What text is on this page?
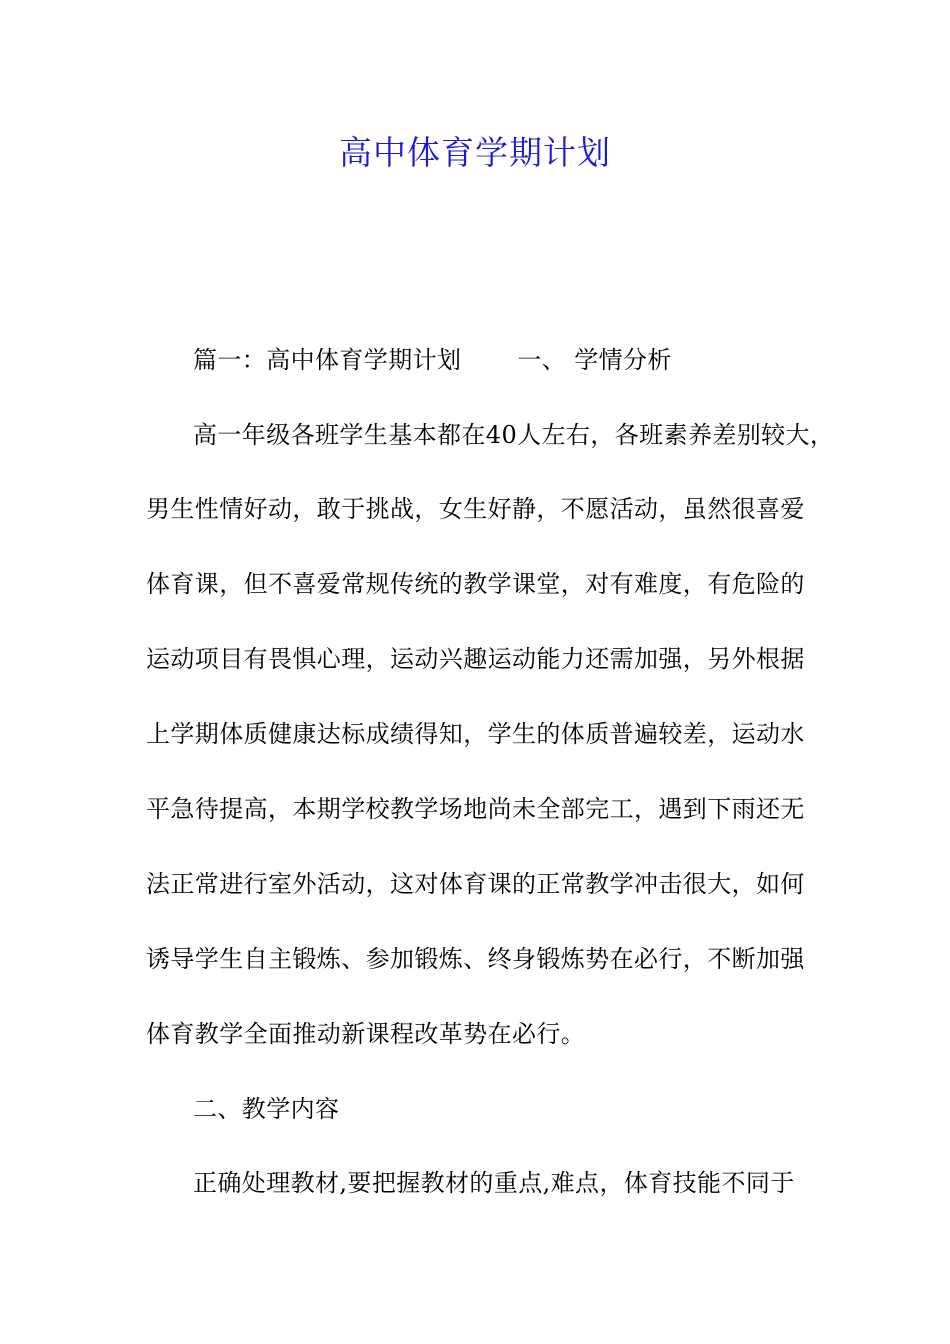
高中体育学期计划
篇一：高中体育学期计划 一、 学情分析
高一年级各班学生基本都在40人左右，各班素养差别较大，
男生性情好动，敢于挑战，女生好静，不愿活动，虽然很喜爱
体育课，但不喜爱常规传统的教学课堂，对有难度，有危险的
运动项目有畏惧心理，运动兴趣运动能力还需加强，另外根据
上学期体质健康达标成绩得知，学生的体质普遍较差，运动水
平急待提高，本期学校教学场地尚未全部完工，遇到下雨还无
法正常进行室外活动，这对体育课的正常教学冲击很大，如何
诱导学生自主锻炼、参加锻炼、终身锻炼势在必行，不断加强
体育教学全面推动新课程改革势在必行。
二、教学内容
正确处理教材,要把握教材的重点,难点，体育技能不同于
